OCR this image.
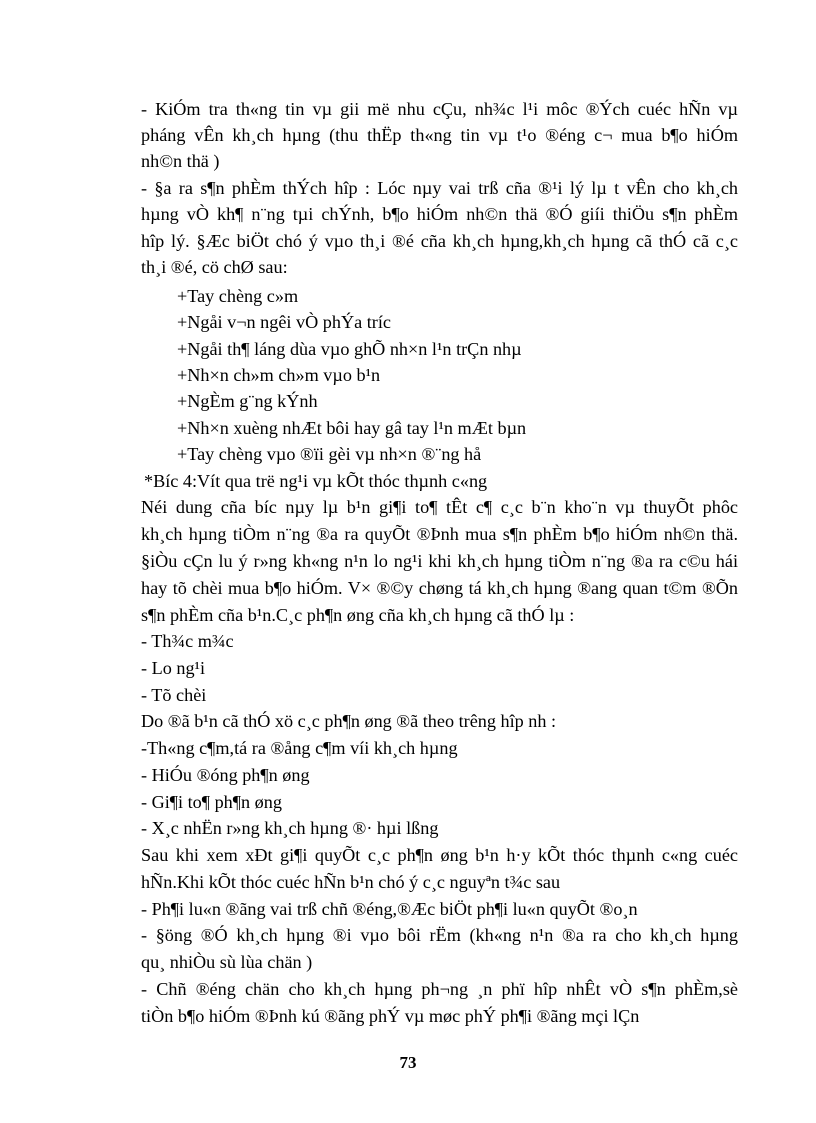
- KiÓm tra th«ng tin vµ gii më nhu cÇu, nh¾c l¹i môc ®Ých cuéc hÑn vµ
pháng vÊn kh¸ch hµng (thu thËp th«ng tin vµ t¹o ®éng c¬ mua b¶o hiÓm
nh©n thä )
- §a ra s¶n phÈm thÝch hîp : Lóc nµy vai trß cña ®¹i lý lµ t vÊn cho kh¸ch
hµng vÒ kh¶ n¨ng tµi chÝnh, b¶o hiÓm nh©n thä ®Ó giíi thiÖu s¶n phÈm
hîp lý. §Æc biÖt chó ý vµo th¸i ®é cña kh¸ch hµng,kh¸ch hµng cã thÓ cã c¸c
th¸i ®é, cö chØ sau:
+Tay chèng c»m
+Ngåi v¬n ngêi vÒ phÝa tríc
+Ngåi th¶ láng dùa vµo ghÕ nh×n l¹n trÇn nhµ
+Nh×n ch»m ch»m vµo b¹n
+NgÈm g¨ng kÝnh
+Nh×n xuèng nhÆt bôi hay gâ tay l¹n mÆt bµn
+Tay chèng vµo ®ïi gèi vµ nh×n ®¨ng hå
*Bíc 4:Vít qua trë ng¹i vµ kÕt thóc thµnh c«ng
Néi dung cña bíc nµy lµ b¹n gi¶i to¶ tÊt c¶ c¸c b¨n kho¨n vµ thuyÕt phôc
kh¸ch hµng tiÒm n¨ng ®a ra quyÕt ®Þnh mua s¶n phÈm b¶o hiÓm nh©n thä.
§iÒu cÇn lu ý r»ng kh«ng n¹n lo ng¹i khi kh¸ch hµng tiÒm n¨ng ®a ra c©u hái
hay tõ chèi mua b¶o hiÓm. V× ®©y chøng tá kh¸ch hµng ®ang quan t©m ®Õn
s¶n phÈm cña b¹n.C¸c ph¶n øng cña kh¸ch hµng cã thÓ lµ :
- Th¾c m¾c
- Lo ng¹i
- Tõ chèi
Do ®ã b¹n cã thÓ xö c¸c ph¶n øng ®ã theo trêng hîp nh :
-Th«ng c¶m,tá ra ®ång c¶m víi kh¸ch hµng
- HiÓu ®óng ph¶n øng
- Gi¶i to¶ ph¶n øng
- X¸c nhËn r»ng kh¸ch hµng ®· hµi lßng
Sau khi xem xÐt gi¶i quyÕt c¸c ph¶n øng b¹n h·y kÕt thóc thµnh c«ng cuéc
hÑn.Khi kÕt thóc cuéc hÑn b¹n chó ý c¸c nguyªn t¾c sau
- Ph¶i lu«n ®ãng vai trß chñ ®éng,®Æc biÖt ph¶i lu«n quyÕt ®o¸n
- §öng ®Ó kh¸ch hµng ®i vµo bôi rËm (kh«ng n¹n ®a ra cho kh¸ch hµng
qu¸ nhiÒu sù lùa chän )
- Chñ ®éng chän cho kh¸ch hµng ph¬ng ¸n phï hîp nhÊt vÒ s¶n phÈm,sè
tiÒn b¶o hiÓm ®Þnh kú ®ãng phÝ vµ møc phÝ ph¶i ®ãng mçi lÇn
73
